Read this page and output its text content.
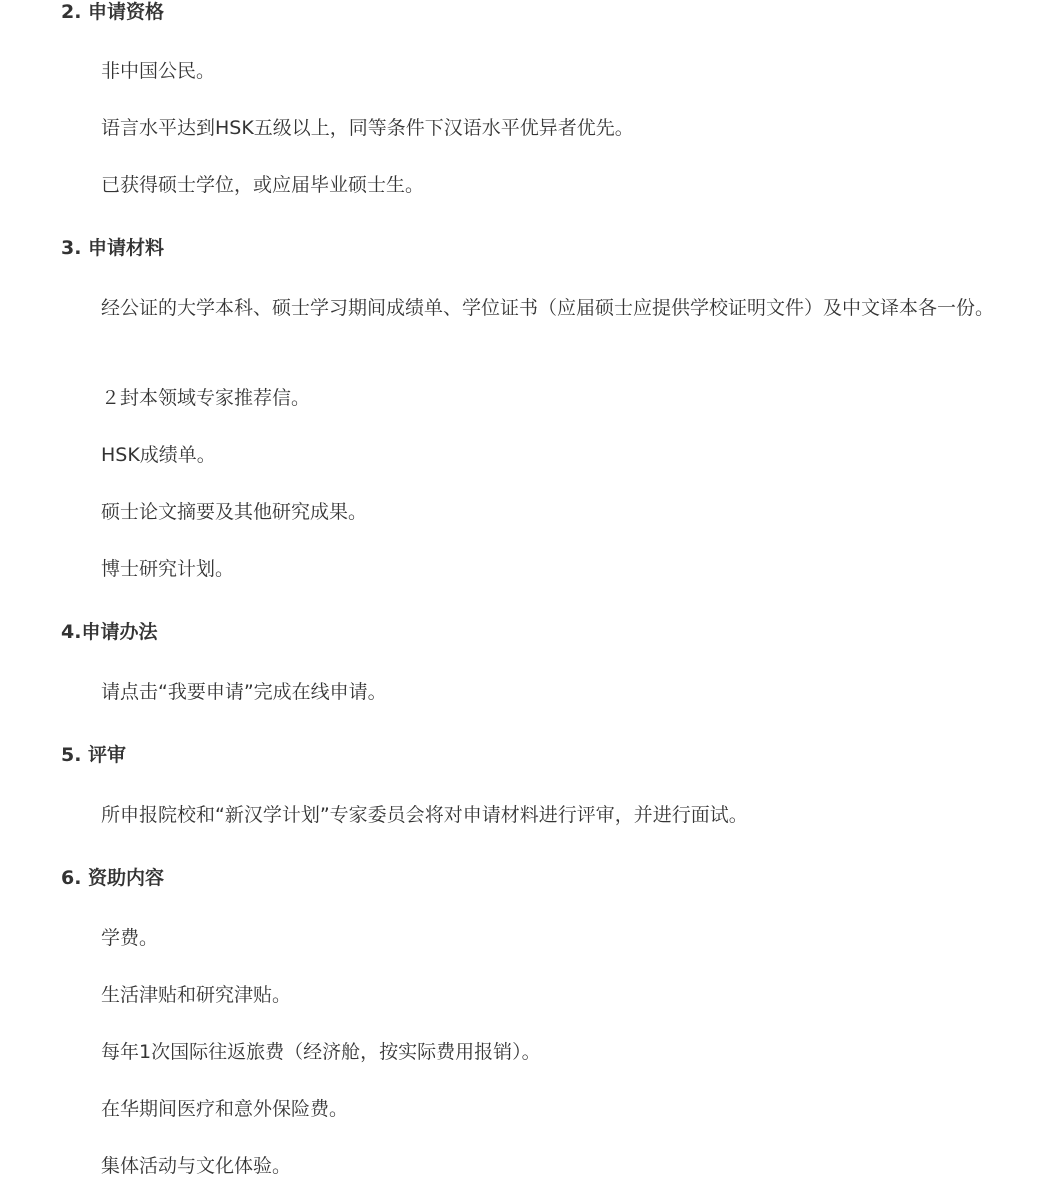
2. 申请资格

非中国公民。

语言水平达到HSK五级以上，同等条件下汉语水平优异者优先。

已获得硕士学位，或应届毕业硕士生。

3. 申请材料

经公证的大学本科、硕士学习期间成绩单、学位证书（应届硕士应提供学校证明文件）及中文译本各一份。

２封本领域专家推荐信。

HSK成绩单。

硕士论文摘要及其他研究成果。

博士研究计划。

4.申请办法

请点击“我要申请”完成在线申请。

5. 评审

所申报院校和“新汉学计划”专家委员会将对申请材料进行评审，并进行面试。

6. 资助内容

学费。

生活津贴和研究津贴。

每年1次国际往返旅费（经济舱，按实际费用报销）。

在华期间医疗和意外保险费。

集体活动与文化体验。
